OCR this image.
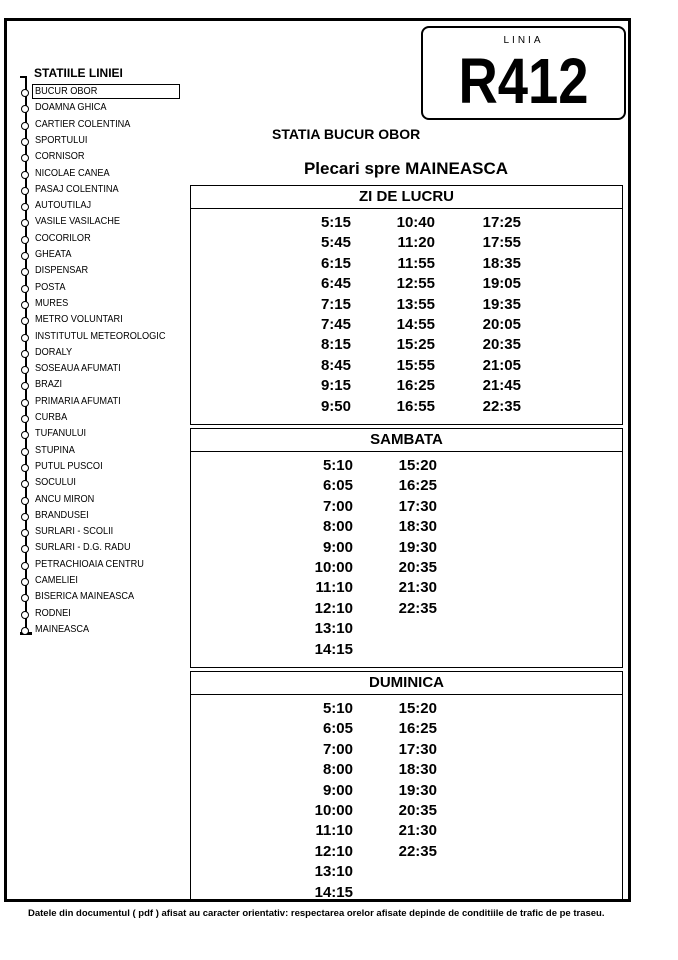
LINIA
R412
STATIILE LINIEI
BUCUR OBOR
DOAMNA GHICA
CARTIER COLENTINA
SPORTULUI
CORNISOR
NICOLAE CANEA
PASAJ COLENTINA
AUTOUTILAJ
VASILE VASILACHE
COCORILOR
GHEATA
DISPENSAR
POSTA
MURES
METRO VOLUNTARI
INSTITUTUL METEOROLOGIC
DORALY
SOSEAUA AFUMATI
BRAZI
PRIMARIA AFUMATI
CURBA
TUFANULUI
STUPINA
PUTUL PUSCOI
SOCULUI
ANCU MIRON
BRANDUSEI
SURLARI - SCOLII
SURLARI - D.G. RADU
PETRACHIOAIA CENTRU
CAMELIEI
BISERICA MAINEASCA
RODNEI
MAINEASCA
STATIA BUCUR OBOR
Plecari spre MAINEASCA
ZI DE LUCRU
5:15
5:45
6:15
6:45
7:15
7:45
8:15
8:45
9:15
9:50
10:40
11:20
11:55
12:55
13:55
14:55
15:25
15:55
16:25
16:55
17:25
17:55
18:35
19:05
19:35
20:05
20:35
21:05
21:45
22:35
SAMBATA
5:10
6:05
7:00
8:00
9:00
10:00
11:10
12:10
13:10
14:15
15:20
16:25
17:30
18:30
19:30
20:35
21:30
22:35
DUMINICA
5:10
6:05
7:00
8:00
9:00
10:00
11:10
12:10
13:10
14:15
15:20
16:25
17:30
18:30
19:30
20:35
21:30
22:35
Datele din documentul ( pdf ) afisat au caracter orientativ: respectarea orelor afisate depinde de conditiile de trafic de pe traseu.
